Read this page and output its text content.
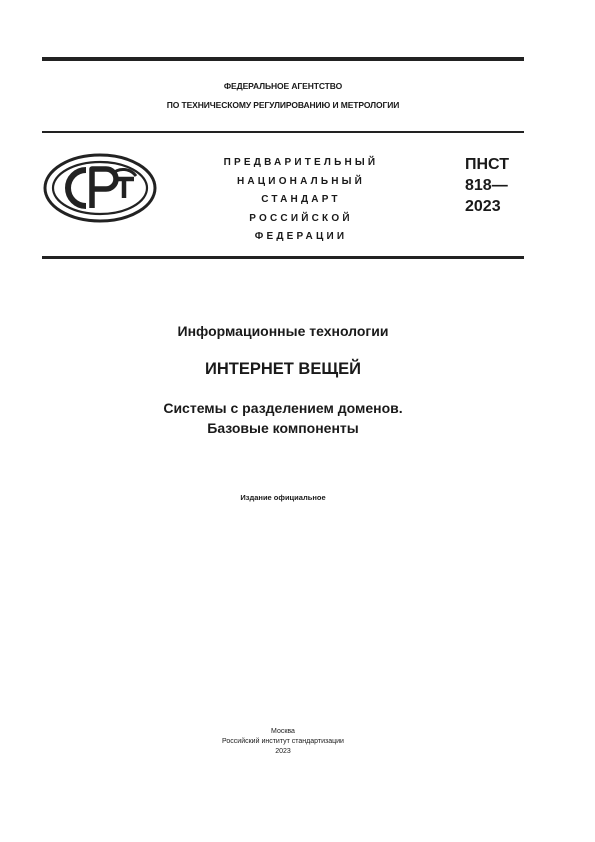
ФЕДЕРАЛЬНОЕ АГЕНТСТВО
ПО ТЕХНИЧЕСКОМУ РЕГУЛИРОВАНИЮ И МЕТРОЛОГИИ
ПРЕДВАРИТЕЛЬНЫЙ
НАЦИОНАЛЬНЫЙ
СТАНДАРТ
РОССИЙСКОЙ
ФЕДЕРАЦИИ
ПНСТ
818—
2023
Информационные технологии
ИНТЕРНЕТ ВЕЩЕЙ
Системы с разделением доменов.
Базовые компоненты
Издание официальное
Москва
Российский институт стандартизации
2023
